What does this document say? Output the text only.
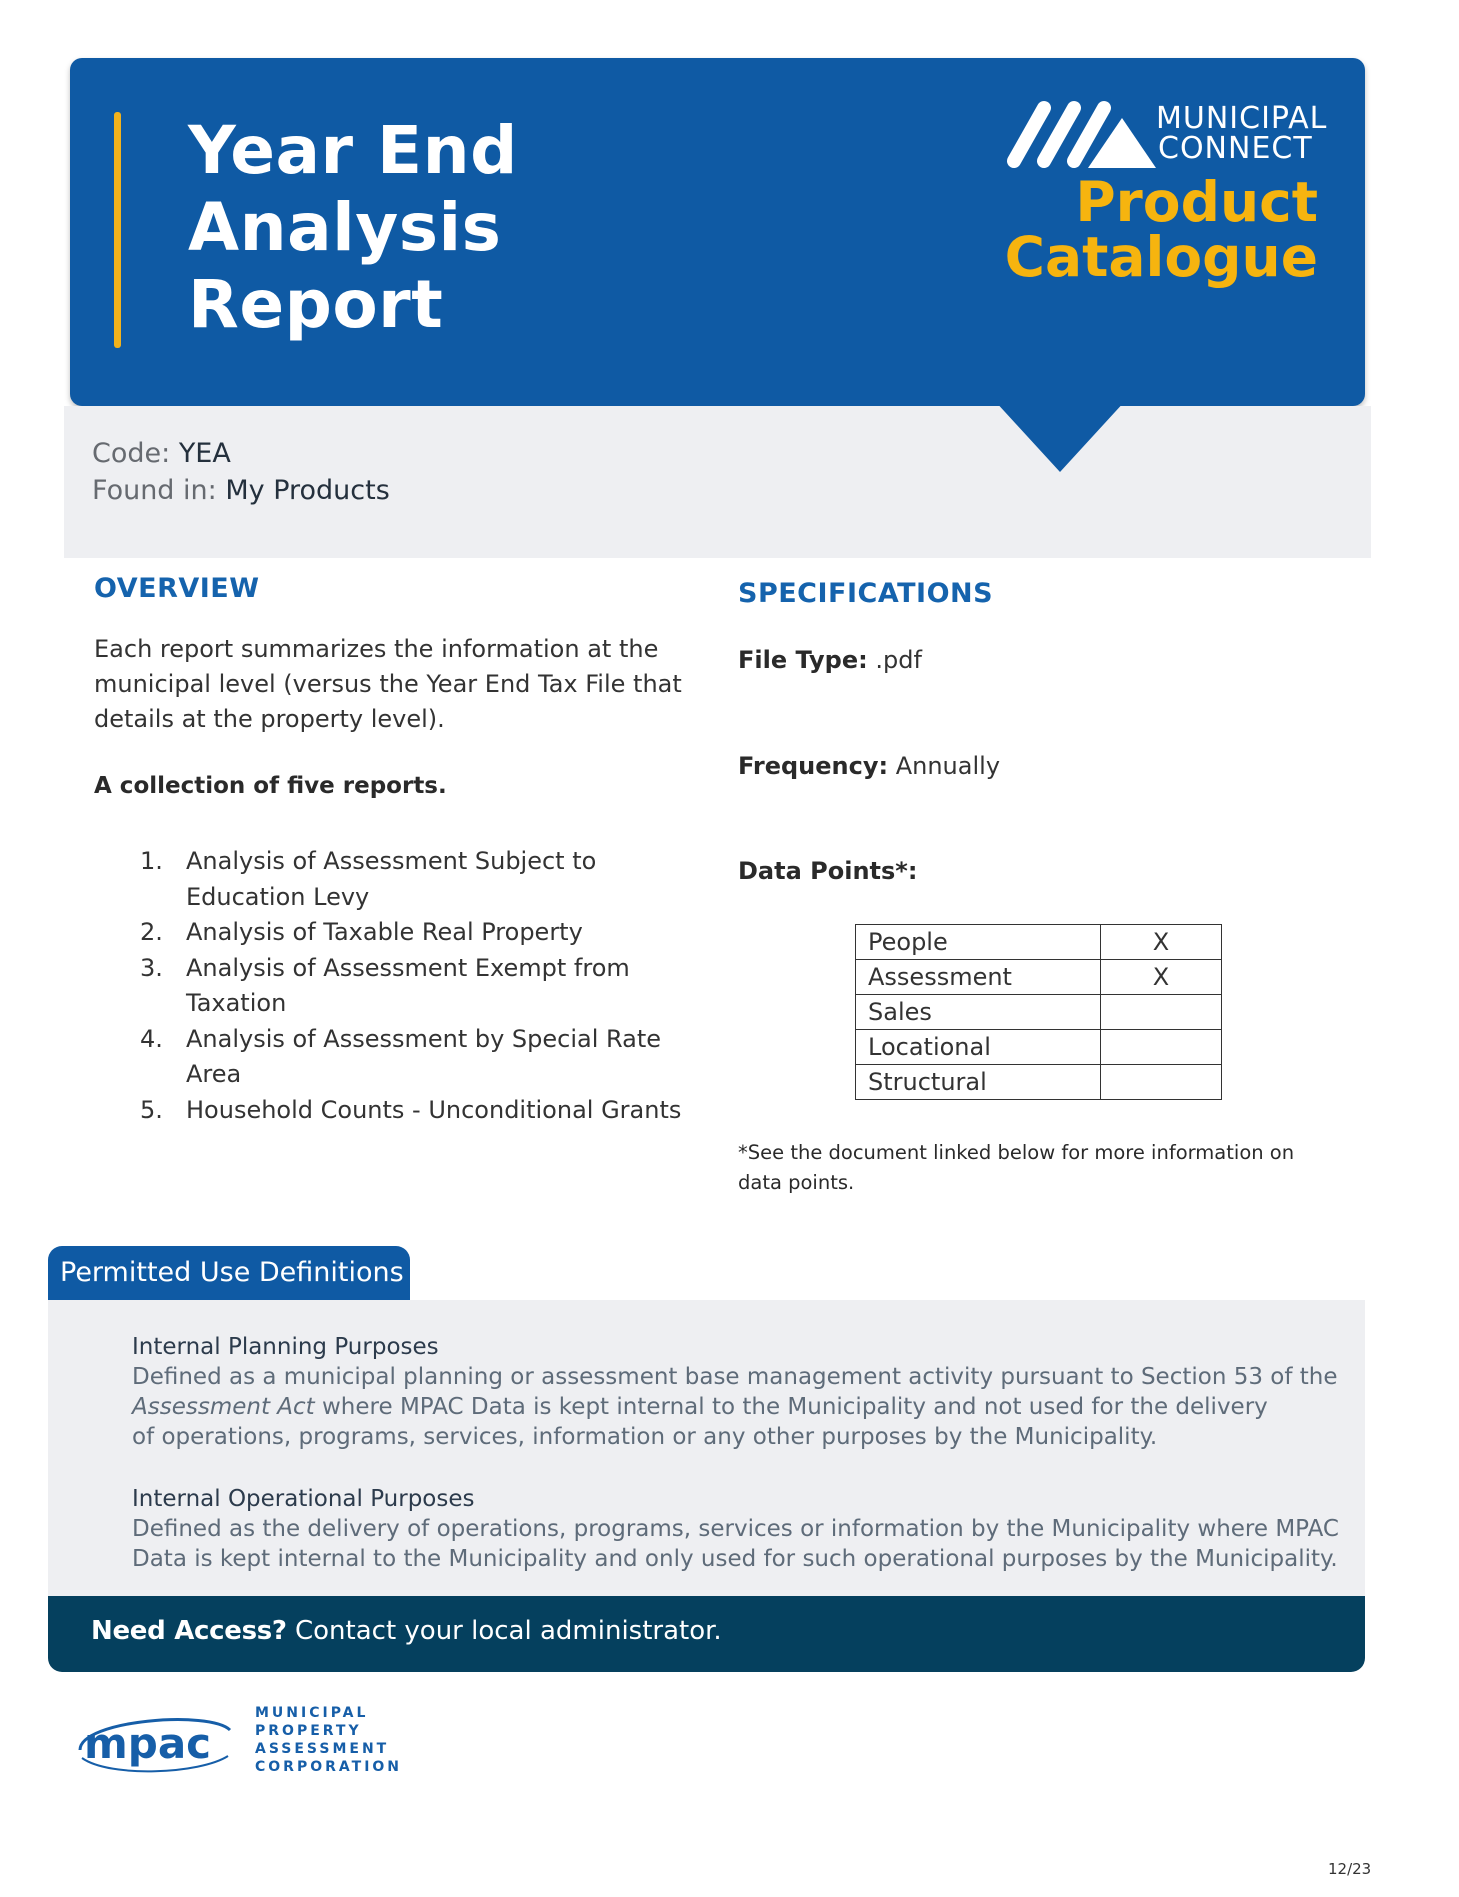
Year End
Analysis
Report
MUNICIPAL
CONNECT
Product Catalogue

Code: YEA

Found in: My Products

OVERVIEW

Each report summarizes the information at the municipal level (versus the Year End Tax File that details at the property level).

A collection of five reports.

1. Analysis of Assessment Subject to Education Levy
2. Analysis of Taxable Real Property
3. Analysis of Assessment Exempt from Taxation
4. Analysis of Assessment by Special Rate Area
5. Household Counts - Unconditional Grants
SPECIFICATIONS

File Type: .pdf

Frequency: Annually

Data Points*:

People	X
Assessment	X
Sales	
Locational	
Structural	

*See the document linked below for more information on data points.

Permitted Use Definitions

Internal Planning Purposes

Defined as a municipal planning or assessment base management activity pursuant to Section 53 of the
Assessment Act where MPAC Data is kept internal to the Municipality and not used for the delivery
of operations, programs, services, information or any other purposes by the Municipality.

Internal Operational Purposes

Defined as the delivery of operations, programs, services or information by the Municipality where MPAC
Data is kept internal to the Municipality and only used for such operational purposes by the Municipality.

Need Access? Contact your local administrator.

mpac
MUNICIPAL
PROPERTY
ASSESSMENT
CORPORATION

12/23
